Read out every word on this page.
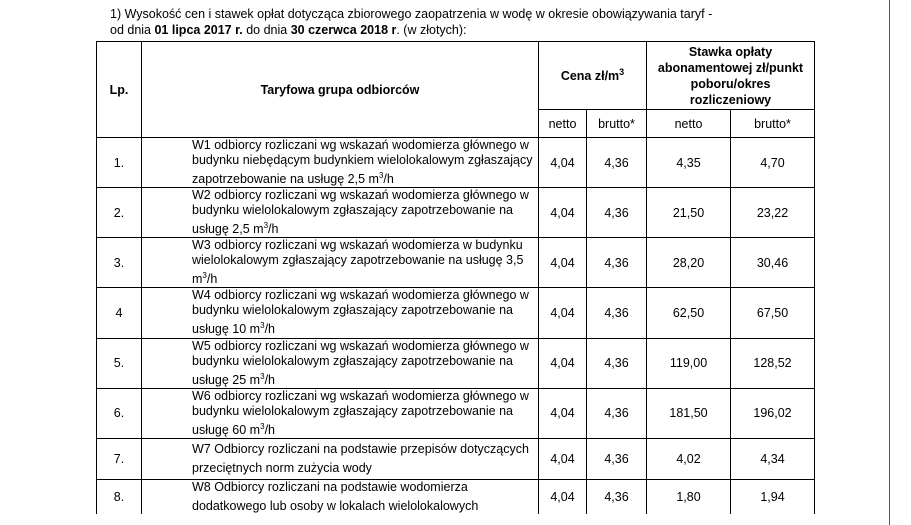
1) Wysokość cen i stawek opłat dotycząca zbiorowego zaopatrzenia w wodę w okresie obowiązywania taryf -
od dnia 01 lipca 2017 r. do dnia 30 czerwca 2018 r. (w złotych):
Lp.	Taryfowa grupa odbiorców	Cena $zł/m^3$		Stawka opłaty abonamentowej zł/punkt poboru/okres rozliczeniowy	
		netto	brutto*	netto	brutto*
1.	W1 odbiorcy rozliczani wg wskazań wodomierza głównego w budynku niebędącym budynkiem wielolokalowym zgłaszający zapotrzebowanie na usługę 2,5 $m^3/h$	4,04	4,36	4,35	4,70
2.	W2 odbiorcy rozliczani wg wskazań wodomierza głównego w budynku wielolokalowym zgłaszający zapotrzebowanie na usługę 2,5 $m^3/h$	4,04	4,36	21,50	23,22
3.	W3 odbiorcy rozliczani wg wskazań wodomierza w budynku wielolokalowym zgłaszający zapotrzebowanie na usługę 3,5 $m^3/h$	4,04	4,36	28,20	30,46
4	W4 odbiorcy rozliczani wg wskazań wodomierza głównego w budynku wielolokalowym zgłaszający zapotrzebowanie na usługę 10 $m^3/h$	4,04	4,36	62,50	67,50
5.	W5 odbiorcy rozliczani wg wskazań wodomierza głównego w budynku wielolokalowym zgłaszający zapotrzebowanie na usługę 25 $m^3/h$	4,04	4,36	119,00	128,52
6.	W6 odbiorcy rozliczani wg wskazań wodomierza głównego w budynku wielolokalowym zgłaszający zapotrzebowanie na usługę 60 $m^3/h$	4,04	4,36	181,50	196,02
7.	W7 Odbiorcy rozliczani na podstawie przepisów dotyczących przeciętnych norm zużycia wody	4,04	4,36	4,02	4,34
8.	W8 Odbiorcy rozliczani na podstawie wodomierza dodatkowego lub osoby w lokalach wielolokalowych	4,04	4,36	1,80	1,94
